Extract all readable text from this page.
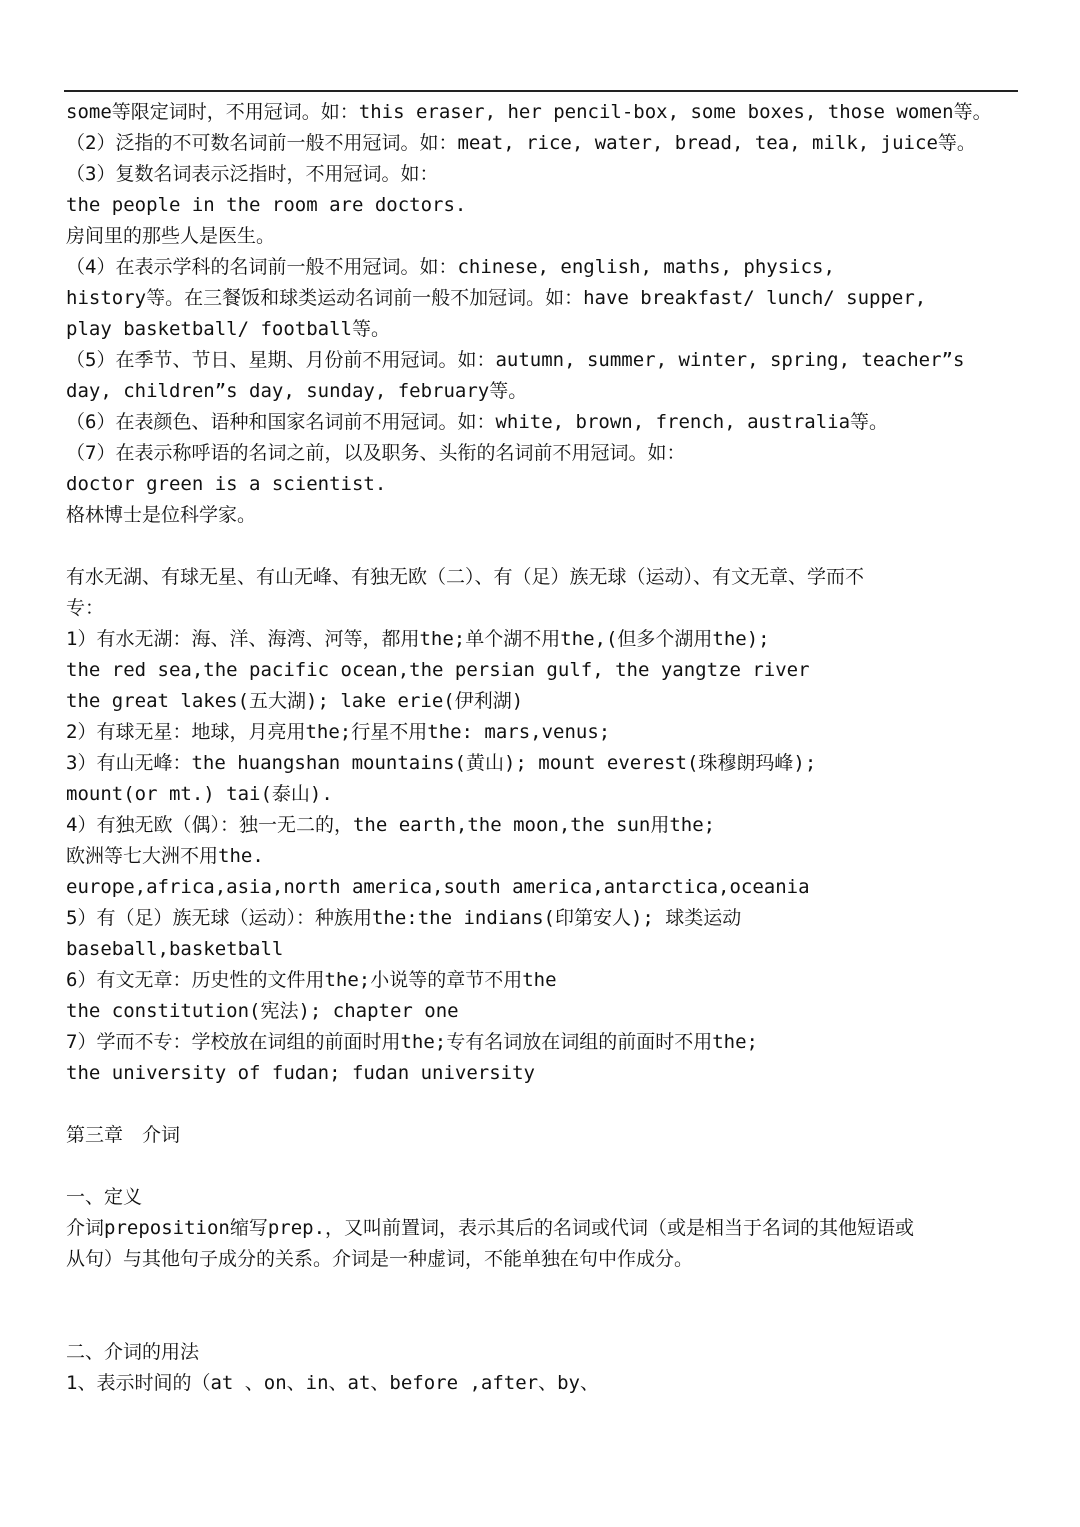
some等限定词时，不用冠词。如：this eraser, her pencil-box, some boxes, those women等。
（2）泛指的不可数名词前一般不用冠词。如：meat, rice, water, bread, tea, milk, juice等。
（3）复数名词表示泛指时，不用冠词。如：
the people in the room are doctors.
房间里的那些人是医生。
（4）在表示学科的名词前一般不用冠词。如：chinese, english, maths, physics,
history等。在三餐饭和球类运动名词前一般不加冠词。如：have breakfast/ lunch/ supper,
play basketball/ football等。
（5）在季节、节日、星期、月份前不用冠词。如：autumn, summer, winter, spring, teacher”s
day, children”s day, sunday, february等。
（6）在表颜色、语种和国家名词前不用冠词。如：white, brown, french, australia等。
（7）在表示称呼语的名词之前，以及职务、头衔的名词前不用冠词。如：
doctor green is a scientist.
格林博士是位科学家。
有水无湖、有球无星、有山无峰、有独无欧（二）、有（足）族无球（运动）、有文无章、学而不
专：
1）有水无湖：海、洋、海湾、河等，都用the;单个湖不用the,(但多个湖用the);
the red sea,the pacific ocean,the persian gulf, the yangtze river
the great lakes(五大湖); lake erie(伊利湖)
2）有球无星：地球，月亮用the;行星不用the: mars,venus;
3）有山无峰：the huangshan mountains(黄山); mount everest(珠穆朗玛峰);
mount(or mt.) tai(泰山).
4）有独无欧（偶）：独一无二的，the earth,the moon,the sun用the;
欧洲等七大洲不用the.
europe,africa,asia,north america,south america,antarctica,oceania
5）有（足）族无球（运动）：种族用the:the indians(印第安人); 球类运动
baseball,basketball
6）有文无章：历史性的文件用the;小说等的章节不用the
the constitution(宪法); chapter one
7）学而不专：学校放在词组的前面时用the;专有名词放在词组的前面时不用the;
the university of fudan; fudan university
第三章　介词
一、定义
介词preposition缩写prep.，又叫前置词，表示其后的名词或代词（或是相当于名词的其他短语或
从句）与其他句子成分的关系。介词是一种虚词，不能单独在句中作成分。
二、介词的用法
1、表示时间的（at 、on、in、at、before ,after、by、
